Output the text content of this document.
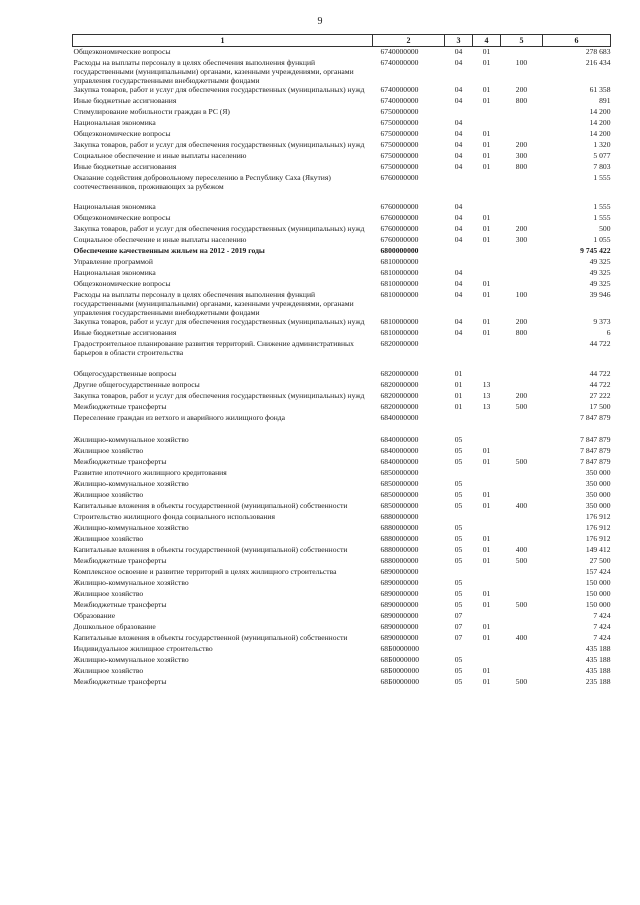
9
1	2	3	4	5	6
Общеэкономические вопросы	6740000000	04	01		278 683
Расходы на выплаты персоналу в целях обеспечения выполнения функций государственными (муниципальными) органами, казенными учреждениями, органами управления государственными внебюджетными фондами	6740000000	04	01	100	216 434
Закупка товаров, работ и услуг для обеспечения государственных (муниципальных) нужд	6740000000	04	01	200	61 358
Иные бюджетные ассигнования	6740000000	04	01	800	891
Стимулирование мобильности граждан в РС (Я)	6750000000				14 200
Национальная экономика	6750000000	04			14 200
Общеэкономические вопросы	6750000000	04	01		14 200
Закупка товаров, работ и услуг для обеспечения государственных (муниципальных) нужд	6750000000	04	01	200	1 320
Социальное обеспечение и иные выплаты населению	6750000000	04	01	300	5 077
Иные бюджетные ассигнования	6750000000	04	01	800	7 803
Оказание содействия добровольному переселению в Республику Саха (Якутия) соотечественников, проживающих за рубежом	6760000000				1 555

Национальная экономика	6760000000	04			1 555
Общеэкономические вопросы	6760000000	04	01		1 555
Закупка товаров, работ и услуг для обеспечения государственных (муниципальных) нужд	6760000000	04	01	200	500
Социальное обеспечение и иные выплаты населению	6760000000	04	01	300	1 055
Обеспечение качественным жильем на 2012 - 2019 годы	6800000000				9 745 422
Управление программой	6810000000				49 325
Национальная экономика	6810000000	04			49 325
Общеэкономические вопросы	6810000000	04	01		49 325
Расходы на выплаты персоналу в целях обеспечения выполнения функций государственными (муниципальными) органами, казенными учреждениями, органами управления государственными внебюджетными фондами	6810000000	04	01	100	39 946
Закупка товаров, работ и услуг для обеспечения государственных (муниципальных) нужд	6810000000	04	01	200	9 373
Иные бюджетные ассигнования	6810000000	04	01	800	6
Градостроительное планирование развития территорий. Снижение административных барьеров в области строительства	6820000000				44 722

Общегосударственные вопросы	6820000000	01			44 722
Другие общегосударственные вопросы	6820000000	01	13		44 722
Закупка товаров, работ и услуг для обеспечения государственных (муниципальных) нужд	6820000000	01	13	200	27 222
Межбюджетные трансферты	6820000000	01	13	500	17 500
Переселение граждан из ветхого и аварийного жилищного фонда	6840000000				7 847 879

Жилищно-коммунальное хозяйство	6840000000	05			7 847 879
Жилищное хозяйство	6840000000	05	01		7 847 879
Межбюджетные трансферты	6840000000	05	01	500	7 847 879
Развитие ипотечного жилищного кредитования	6850000000				350 000
Жилищно-коммунальное хозяйство	6850000000	05			350 000
Жилищное хозяйство	6850000000	05	01		350 000
Капитальные вложения в объекты государственной (муниципальной) собственности	6850000000	05	01	400	350 000
Строительство жилищного фонда социального использования	6880000000				176 912
Жилищно-коммунальное хозяйство	6880000000	05			176 912
Жилищное хозяйство	6880000000	05	01		176 912
Капитальные вложения в объекты государственной (муниципальной) собственности	6880000000	05	01	400	149 412
Межбюджетные трансферты	6880000000	05	01	500	27 500
Комплексное освоение и развитие территорий в целях жилищного строительства	6890000000				157 424
Жилищно-коммунальное хозяйство	6890000000	05			150 000
Жилищное хозяйство	6890000000	05	01		150 000
Межбюджетные трансферты	6890000000	05	01	500	150 000
Образование	6890000000	07			7 424
Дошкольное образование	6890000000	07	01		7 424
Капитальные вложения в объекты государственной (муниципальной) собственности	6890000000	07	01	400	7 424
Индивидуальное жилищное строительство	68Б0000000				435 188
Жилищно-коммунальное хозяйство	68Б0000000	05			435 188
Жилищное хозяйство	68Б0000000	05	01		435 188
Межбюджетные трансферты	68Б0000000	05	01	500	235 188
